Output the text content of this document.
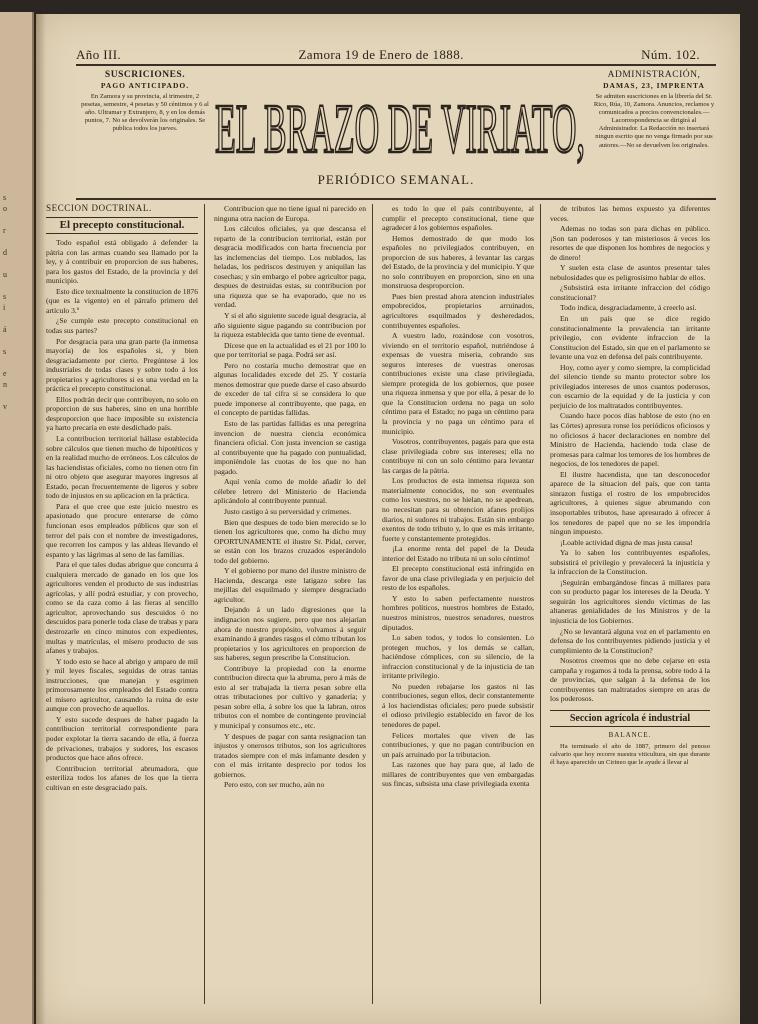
s
o

r

d

u

s
i

á

s

e
n

v
Año III.	Zamora 19 de Enero de 1888.	Núm. 102.
SUSCRICIONES.
PAGO ANTICIPADO.
En Zamora y su provincia, al trimestre, 2 pesetas, semestre, 4 pesetas y 50 céntimos y 6 al año. Ultramar y Extranjero, 8, y en los demás puntos, 7. No se devolverán los originales. Se publica todos los jueves. EL BRAZO DE VIRIATO,
PERIÓDICO SEMANAL.
ADMINISTRACIÓN,
DAMAS, 23, IMPRENTA
Se admiten suscriciones en la librería del Sr. Rico, Rúa, 10, Zamora. Anuncios, reclamos y comunicados a precios convencionales.—Lacorrespondencia se dirigirá al Administrador. La Redacción no insertará ningun escrito que no venga firmado por sus autores.—No se devuelven los originales.
SECCION DOCTRINAL.
El precepto constitucional.

Todo español está obligado á defender la pátria con las armas cuando sea llamado por la ley, y á contribuir en proporcion de sus haberes, para los gastos del Estado, de la provincia y del municipio.

Esto dice textualmente la constitucion de 1876 (que es la vigente) en el párrafo primero del artículo 3.º

¿Se cumple este precepto constitucional en todas sus partes?

Por desgracia para una gran parte (la inmensa mayoría) de los españoles si, y bien desgraciadamente por cierto. Pregúntese á los industriales de todas clases y sobre todo á los propietarios y agricultores si es una verdad en la práctica el precepto constitucional.

Ellos podrán decir que contribuyen, no solo en proporcion de sus haberes, sino en una horrible desproporcion que hace imposible su existencia ya harto precaria en este desdichado país.

La contribucion territorial hállase establecida sobre cálculos que tienen mucho de hipotéticos y en la realidad mucho de erróneos. Los cálculos de las haciendistas oficiales, como no tienen otro fin ni otro objeto que asegurar mayores ingresos al Estado, pecan frecuentemente de ligeros y sobre todo de injustos en su aplicacion en la práctica.

Para el que cree que este juicio nuestro es apasionado que procure enterarse de cómo funcionan esos empleados públicos que son el terror del país con el nombre de investigadores, que recorren los campos y las aldeas llevando el espanto y las lágrimas al seno de las familias.

Para el que tales dudas abrigue que concurra á cualquiera mercado de ganado en los que los agricultores venden el producto de sus industrias agrícolas, y allí podrá estudiar, y con provecho, como se da caza como á las fieras al sencillo agricultor, aprovechando sus descuidos ó no descuidos para ponerle toda clase de trabas y para destrozarle en cinco minutos con expedientes, multas y matrículas, el mísero producto de sus afanes y trabajos.

Y todo esto se hace al abrigo y amparo de mil y mil leyes fiscales, seguidas de otras tantas instrucciones, que manejan y esgrimen primorosamente los empleados del Estado contra el mísero agricultor, causando la ruina de este aunque con provecho de aquellos.

Y esto sucede despues de haber pagado la contribucion territorial correspondiente para poder explotar la tierra sacando de ella, á fuerza de privaciones, trabajos y sudores, los escasos productos que hace años ofrece.

Contribucion territorial abrumadora, que esteriliza todos los afanes de los que la tierra cultivan en este desgraciado país.

Contribucion que no tiene igual ni parecido en ninguna otra nacion de Europa.

Los cálculos oficiales, ya que descansa el reparto de la contribucion territorial, están por desgracia modificados con harta frecuencia por las inclemencias del tiempo. Los nublados, las heladas, los pedriscos destruyen y aniquilan las cosechas; y sin embargo el pobre agricultor paga, despues de destruidas estas, su contribucion por una riqueza que se ha evaporado, que no es verdad.

Y si el año siguiente sucede igual desgracia, al año siguiente sigue pagando su contribucion por la riqueza establecida que tanto tiene de eventual.

Dícese que en la actualidad es el 21 por 100 lo que por territorial se paga. Podrá ser así.

Pero no costaría mucho demostrar que en algunas localidades excede del 25. Y costaría menos demostrar que puede darse el caso absurdo de exceder de tal cifra si se considera lo que puede imponerse al contribuyente, que paga, en el concepto de partidas fallidas.

Esto de las partidas fallidas es una peregrina invencion de nuestra ciencia económica financiera oficial. Con justa invencion se castiga al contribuyente que ha pagado con puntualidad, imponiéndole las cuotas de los que no han pagado.

Aquí venía como de molde añadir lo del célebre letrero del Ministerio de Hacienda aplicándolo al contribuyente puntual.

Justo castigo á su perversidad y crímenes.

Bien que despues de todo bien merecido se lo tienen los agricultores que, como ha dicho muy OPORTUNAMENTE el ilustre Sr. Pidal, cerver, se están con los brazos cruzados esperándolo todo del gobierno.

Y el gobierno por mano del ilustre ministro de Hacienda, descarga este latigazo sobre las mejillas del esquilmado y siempre desgraciado agricultor.

Dejando á un lado digresiones que la indignacion nos sugiere, pero que nos alejarían ahora de nuestro propósito, volvamos á seguir examinando á grandes rasgos el cómo tributan los propietarios y los agricultores en proporcion de sus haberes, segun prescribe la Constitucion.

Contribuye la propiedad con la enorme contribucion directa que la abruma, pero á más de esto al ser trabajada la tierra pesan sobre ella otras tributaciones por cultivo y ganadería; y pesan sobre ella, á sobre los que la labran, otros tributos con el nombre de contingente provincial y municipal y consumos etc., etc.

Y despues de pagar con santa resignacion tan injustos y onerosos tributos, son los agricultores tratados siempre con el más infamante desden y con el más irritante desprecio por todos los gobiernos.

Pero esto, con ser mucho, aún no

es todo lo que el país contribuyente, al cumplir el precepto constitucional, tiene que agradecer á los gobiernos españoles.

Hemos demostrado de que modo los españoles no privilegiados contribuyen, en proporcion de sus haberes, á levantar las cargas del Estado, de la provincia y del municipio. Y que no solo contribuyen en proporcion, sino en una monstruosa desproporcion.

Pues bien prestad ahora atencion industriales empobrecidos, propietarios arruinados, agricultores esquilmados y desheredados, contribuyentes españoles.

A vuestro lado, rozándose con vosotros, viviendo en el territorio español, nutriéndose á expensas de vuestra miseria, cobrando sus seguros intereses de vuestras onerosas contribuciones existe una clase privilegiada, siempre protegida de los gobiernos, que posee una riqueza inmensa y que por ella, á pesar de lo que la Constitucion ordena no paga un solo céntimo para el Estado; no paga un céntimo para la provincia y no paga un céntimo para el municipio.

Vosotros, contribuyentes, pagais para que esta clase privilegiada cobre sus intereses; ella no contribuye ni con un solo céntimo para levantar las cargas de la pátria.

Los productos de esta inmensa riqueza son materialmente conocidos, no son eventuales como los vuestros, no se hielan, no se apedrean, no necesitan para su obtencion afanes prolijos diarios, ni sudores ni trabajos. Están sin embargo exentos de todo tributo y, lo que es más irritante, fuerte y constantemente protegidos.

¡La enorme renta del papel de la Deuda interior del Estado no tributa ni un solo céntimo!

El precepto constitucional está infringido en favor de una clase privilegiada y en perjuicio del resto de los españoles.

Y esto lo saben perfectamente nuestros hombres políticos, nuestros hombres de Estado, nuestros ministros, nuestros senadores, nuestros diputados.

Lo saben todos, y todos lo consienten. Lo protegen muchos, y los demás se callan, haciéndose cómplices, con su silencio, de la infraccion constitucional y de la injusticia de tan irritante privilegio.

No pueden rebajarse los gastos ni las contribuciones, segun ellos, decir constantemente á los haciendistas oficiales; pero puede subsistir el odioso privilegio establecido en favor de los tenedores de papel.

Felices mortales que viven de las contribuciones, y que no pagan contribucion en un país arruinado por la tributacion.

Las razones que hay para que, al lado de millares de contribuyentes que ven embargadas sus fincas, subsista una clase privilegiada exenta

de tributos las hemos expuesto ya diferentes veces.

Ademas no todas son para dichas en público. ¡Son tan poderosos y tan misteriosos á veces los resortes de que disponen los hombres de negocios y de dinero!

Y suelen esta clase de asuntos presentar tales nebulosidades que es peligrosísimo hablar de ellos.

¿Subsistirá esta irritante infraccion del código constitucional?

Todo indica, desgraciadamente, á creerlo así.

En un país que se dice regido constitucionalmente la prevalencia tan irritante privilegio, con evidente infraccion de la Constitucion del Estado, sin que en el parlamento se levante una voz en defensa del país contribuyente.

Hoy, como ayer y como siempre, la complicidad del silencio tiende su manto protector sobre los privilegiados intereses de unos cuantos poderosos, con escarnio de la equidad y de la justicia y con perjuicio de los maltratados contribuyentes.

Cuando hace pocos días hablose de esto (no en las Córtes) apresura ronse los periódicos oficiosos y no oficiosos á hacer declaraciones en nombre del Ministro de Hacienda, haciendo toda clase de promesas para calmar los temores de los hombres de negocios, de los tenedores de papel.

El ilustre hacendista, que tan desconocedor aparece de la situacion del país, que con tanta sinrazon fustiga el rostro de los empobrecidos agricultores, á quienes sigue abrumando con insoportables tributos, hase apresurado á ofrecer á los tenedores de papel que no se les impondría ningun impuesto.

¡Loable actividad digna de mas justa causa!

Ya lo saben los contribuyentes españoles, subsistirá el privilegio y prevalecerá la injusticia y la infraccion de la Constitucion.

¡Seguirán embargándose fincas á millares para con su producto pagar los intereses de la Deuda. Y seguirán los agricultores siendo víctimas de las altaneras genialidades de los Ministros y de la injusticia de los Gobiernos.

¿No se levantará alguna voz en el parlamento en defensa de los contribuyentes pidiendo justicia y el cumplimiento de la Constitucion?

Nosotros creemos que no debe cejarse en esta campaña y rogamos á toda la prensa, sobre todo á la de provincias, que salgan á la defensa de los contribuyentes tan maltratados siempre en aras de los poderosos.

Seccion agrícola é industrial
BALANCE.

Ha terminado el año de 1887, primero del penoso calvario que hoy recorre nuestra viticultura, sin que durante él haya aparecido un Cirineo que le ayude á llevar al
